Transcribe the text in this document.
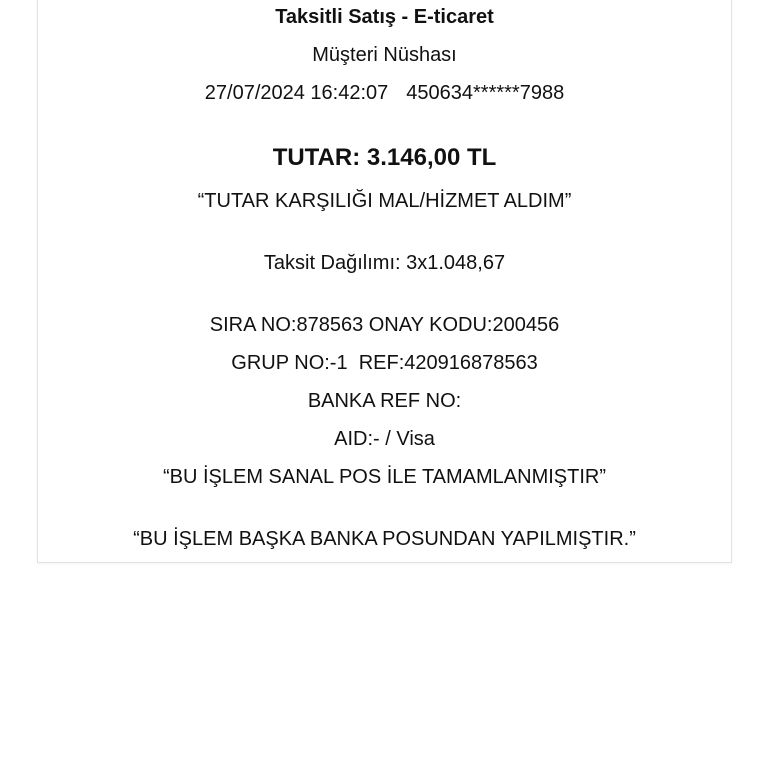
Taksitli Satış - E-ticaret
Müşteri Nüshası
27/07/2024 16:42:07 450634******7988
TUTAR: 3.146,00 TL
“TUTAR KARŞILIĞI MAL/HİZMET ALDIM”
Taksit Dağılımı: 3x1.048,67
SIRA NO:878563 ONAY KODU:200456
GRUP NO:-1  REF:420916878563
BANKA REF NO:
AID:- / Visa
“BU İŞLEM SANAL POS İLE TAMAMLANMIŞTIR”
“BU İŞLEM BAŞKA BANKA POSUNDAN YAPILMIŞTIR.”
